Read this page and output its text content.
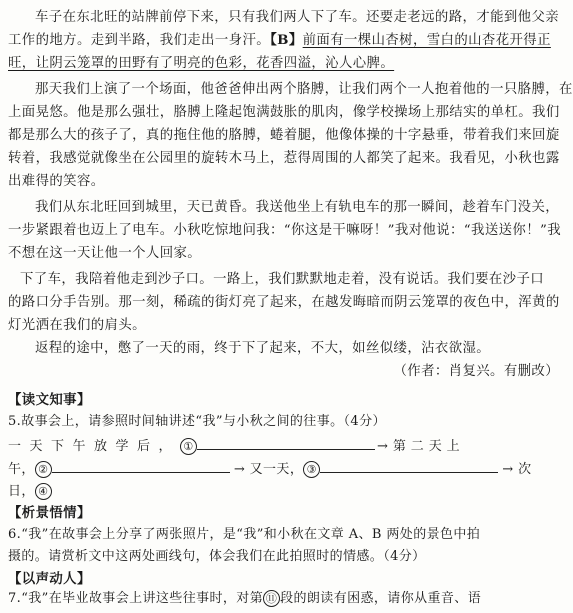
车子在东北旺的站牌前停下来，只有我们两人下了车。还要走老远的路，才能到他父亲
工作的地方。走到半路，我们走出一身汗。【B】前面有一棵山杏树，雪白的山杏花开得正
旺，让阴云笼罩的田野有了明亮的色彩，花香四溢，沁人心脾。
那天我们上演了一个场面，他爸爸伸出两个胳膊，让我们两个一人抱着他的一只胳膊，在
上面晃悠。他是那么强壮，胳膊上隆起饱满鼓胀的肌肉，像学校操场上那结实的单杠。我们
都是那么大的孩子了，真的拖住他的胳膊，蜷着腿，他像体操的十字悬垂，带着我们来回旋
转着，我感觉就像坐在公园里的旋转木马上，惹得周围的人都笑了起来。我看见，小秋也露
出难得的笑容。
我们从东北旺回到城里，天已黄昏。我送他坐上有轨电车的那一瞬间，趁着车门没关，
一步紧跟着也迈上了电车。小秋吃惊地问我：“你这是干嘛呀！”我对他说：“我送送你！”我
不想在这一天让他一个人回家。
下了车，我陪着他走到沙子口。一路上，我们默默地走着，没有说话。我们要在沙子口
的路口分手告别。那一刻，稀疏的街灯亮了起来，在越发晦暗而阴云笼罩的夜色中，浑黄的
灯光洒在我们的肩头。
返程的途中，憋了一天的雨，终于下了起来，不大，如丝似缕，沾衣欲湿。
（作者：肖复兴。有删改）
【读文知事】
5.故事会上，请参照时间轴讲述“我”与小秋之间的往事。（4分）
一天下午放学后， ①	→ 第 二 天 上
午， ②	→ 又一天， ③	→ 次
日， ④
【析景悟情】
6.“我”在故事会上分享了两张照片，是“我”和小秋在文章 A、B 两处的景色中拍
摄的。请赏析文中这两处画线句，体会我们在此拍照时的情感。（4分）
【以声动人】
7.“我”在毕业故事会上讲这些往事时，对第 ⑪ 段的朗读有困惑，请你从重音、语
